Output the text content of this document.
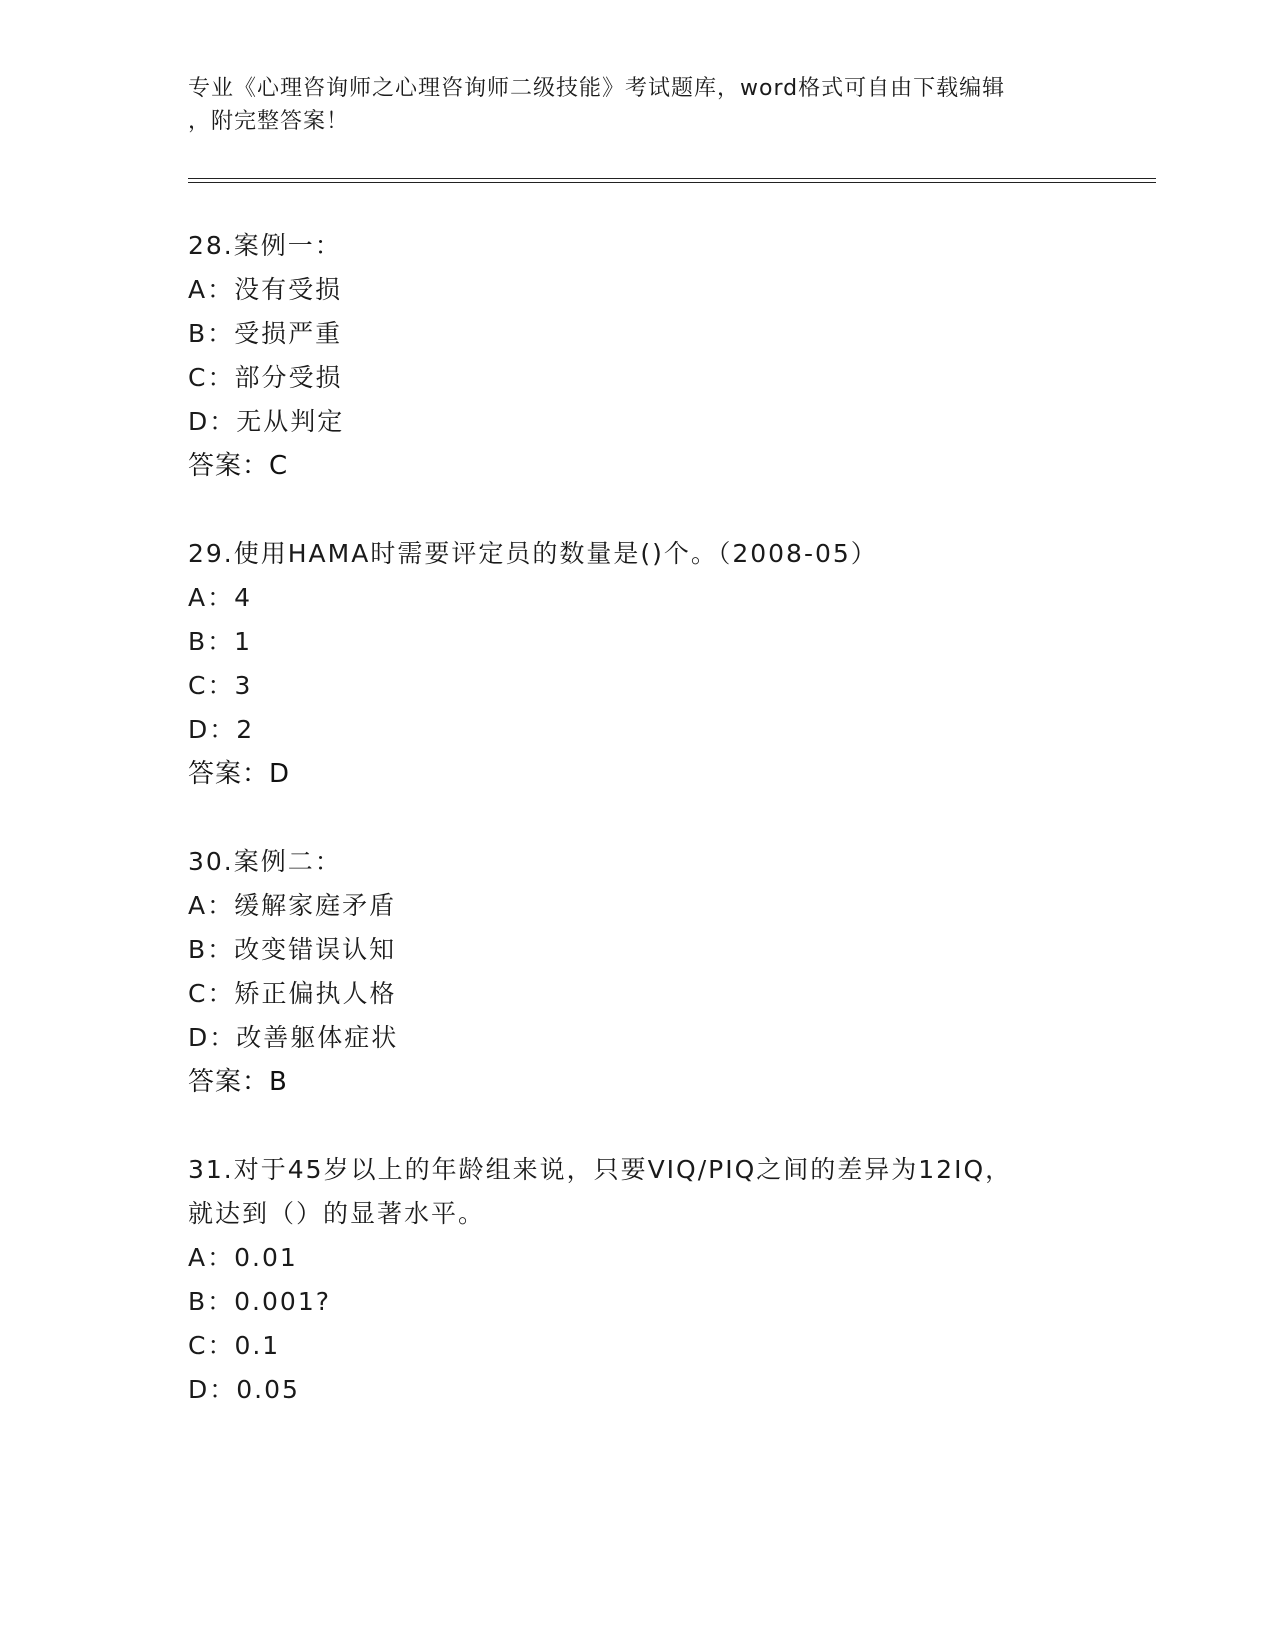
专业《心理咨询师之心理咨询师二级技能》考试题库，word格式可自由下载编辑
，附完整答案！
28.案例一：
A：没有受损
B：受损严重
C：部分受损
D：无从判定
答案：C
29.使用HAMA时需要评定员的数量是()个。（2008-05）
A：4
B：1
C：3
D：2
答案：D
30.案例二：
A：缓解家庭矛盾
B：改变错误认知
C：矫正偏执人格
D：改善躯体症状
答案：B
31.对于45岁以上的年龄组来说，只要VIQ/PIQ之间的差异为12IQ，
就达到（）的显著水平。
A：0.01
B：0.001?
C：0.1
D：0.05
